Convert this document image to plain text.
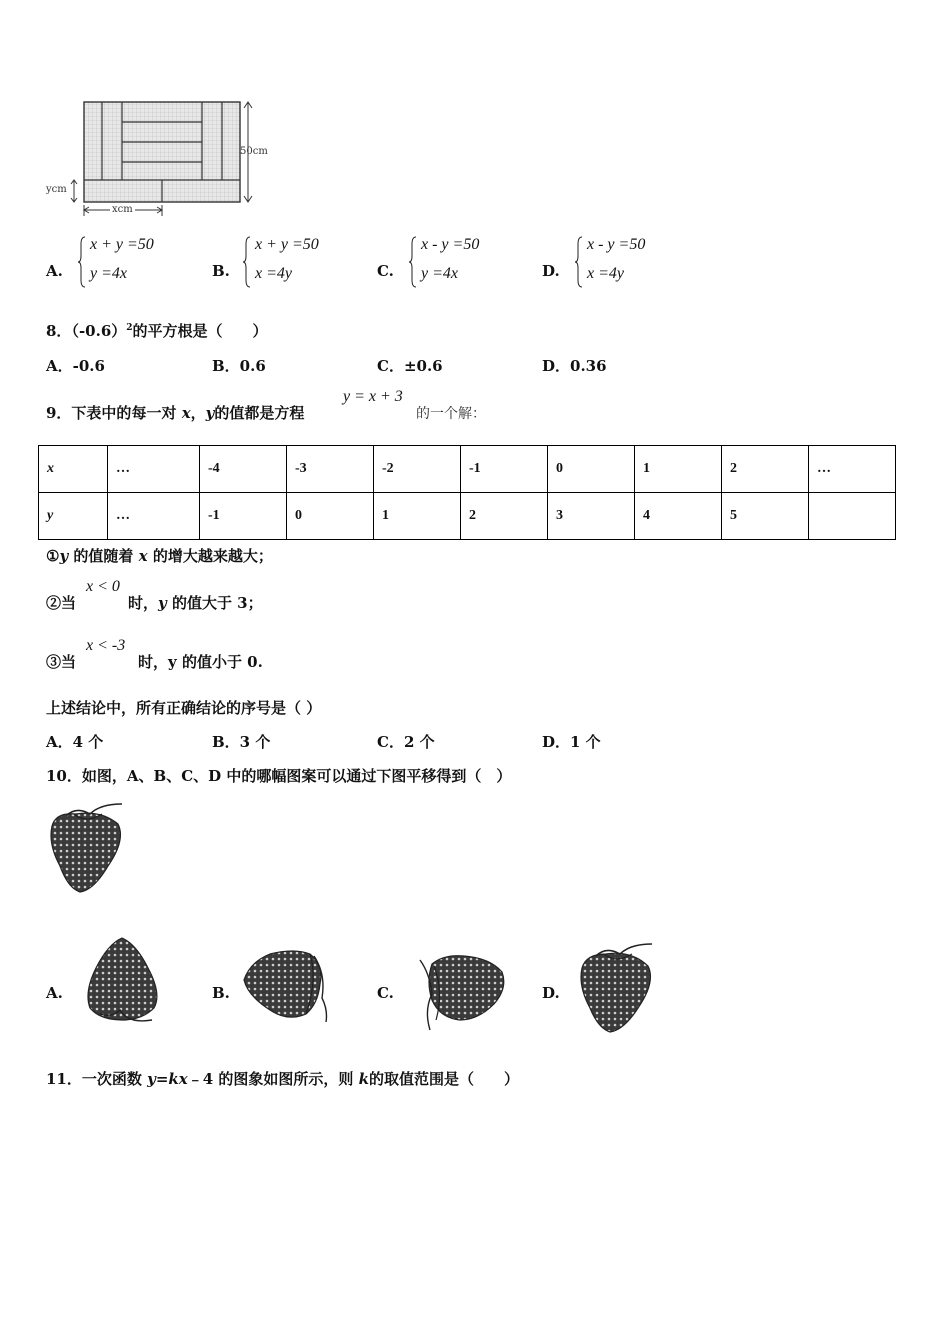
50cm
ycm
xcm
A.
x + y =50
y =4x	B.
x + y =50
x =4y	C.
x - y =50
y =4x	D.
x - y =50
x =4y
8．$(-0.6)^2$的平方根是（　　）
A．-0.6	B．0.6	C．±0.6	D．0.36
9．下表中的每一对 x，y的值都是方程
y = x + 3
的一个解：
x	…	-4	-3	-2	-1	0	1	2	…
y	…	-1	0	1	2	3	4	5	
①y 的值随着 x 的增大越来越大；
②当
x < 0
时，y 的值大于 3；
③当
x < -3
时，y 的值小于 0.
上述结论中，所有正确结论的序号是（ ）
A．4 个	B．3 个	C．2 个	D．1 个
10．如图，A、B、C、D 中的哪幅图案可以通过下图平移得到（　）
A.	B.	C.	D.
11．一次函数 y=kx﹣4 的图象如图所示，则 k的取值范围是（　　）
